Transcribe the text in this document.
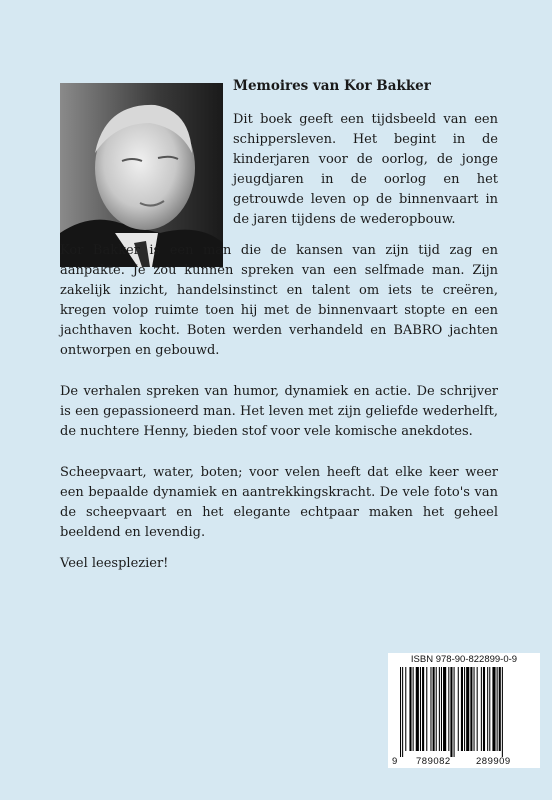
Memoires van Kor Bakker

Dit boek geeft een tijdsbeeld van een schippersleven. Het begint in de kinderjaren voor de oorlog, de jonge jeugdjaren in de oorlog en het getrouwde leven op de binnenvaart in de jaren tijdens de wederopbouw.

Kor Bakker is een man die de kansen van zijn tijd zag en aanpakte. Je zou kunnen spreken van een selfmade man. Zijn zakelijk inzicht, handelsinstinct en talent om iets te creëren, kregen volop ruimte toen hij met de binnenvaart stopte en een jachthaven kocht. Boten werden verhandeld en BABRO jachten ontworpen en gebouwd.

De verhalen spreken van humor, dynamiek en actie. De schrijver is een gepassioneerd man. Het leven met zijn geliefde wederhelft, de nuchtere Henny, bieden stof voor vele komische anekdotes.

Scheepvaart, water, boten; voor velen heeft dat elke keer weer een bepaalde dynamiek en aantrekkingskracht. De vele foto's van de scheepvaart en het elegante echtpaar maken het geheel beeldend en levendig.

Veel leesplezier!

ISBN 978-90-822899-0-9
9 789082	289909
